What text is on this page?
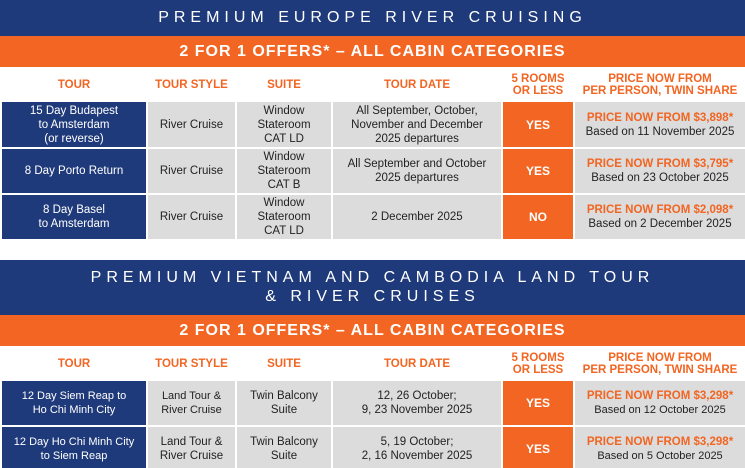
PREMIUM EUROPE RIVER CRUISING
2 FOR 1 OFFERS* – ALL CABIN CATEGORIES
TOUR	TOUR STYLE	SUITE	TOUR DATE	5 ROOMS
OR LESS	PRICE NOW FROM
PER PERSON, TWIN SHARE
15 Day Budapest
to Amsterdam
(or reverse)	River Cruise	Window
Stateroom
CAT LD	All September, October,
November and December
2025 departures	YES	PRICE NOW FROM $3,898*
Based on 11 November 2025

8 Day Porto Return	River Cruise	Window
Stateroom
CAT B	All September and October
2025 departures	YES	PRICE NOW FROM $3,795*
Based on 23 October 2025

8 Day Basel
to Amsterdam	River Cruise	Window
Stateroom
CAT LD	2 December 2025	NO	PRICE NOW FROM $2,098*
Based on 2 December 2025
PREMIUM VIETNAM AND CAMBODIA LAND TOUR
& RIVER CRUISES
2 FOR 1 OFFERS* – ALL CABIN CATEGORIES
TOUR	TOUR STYLE	SUITE	TOUR DATE	5 ROOMS
OR LESS	PRICE NOW FROM
PER PERSON, TWIN SHARE
12 Day Siem Reap to
Ho Chi Minh City	Land Tour &
River Cruise	Twin Balcony
Suite	12, 26 October;
9, 23 November 2025	YES	PRICE NOW FROM $3,298*
Based on 12 October 2025

12 Day Ho Chi Minh City
to Siem Reap	Land Tour &
River Cruise	Twin Balcony
Suite	5, 19 October;
2, 16 November 2025	YES	PRICE NOW FROM $3,298*
Based on 5 October 2025
